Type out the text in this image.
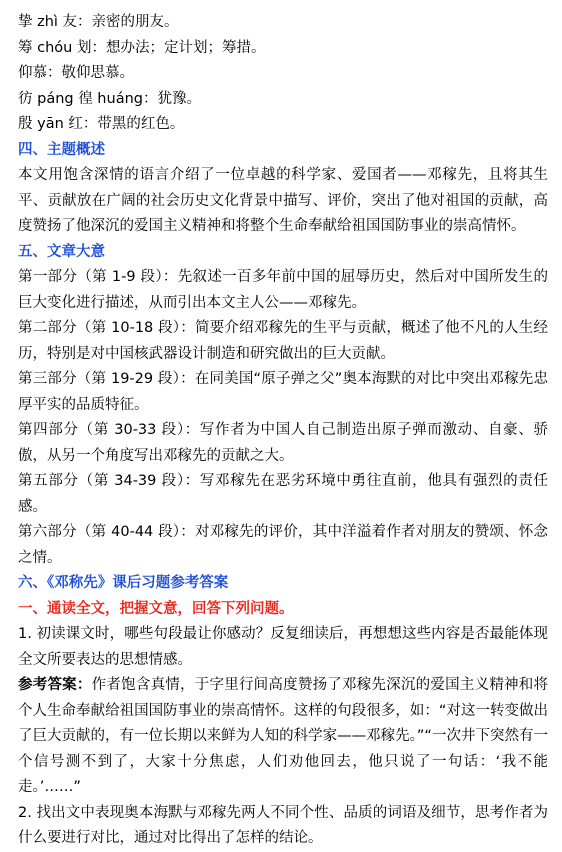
挚 zhì 友：亲密的朋友。
筹 chóu 划：想办法；定计划；筹措。
仰慕：敬仰思慕。
彷 páng 徨 huáng：犹豫。
殷 yān 红：带黑的红色。
四、主题概述
本文用饱含深情的语言介绍了一位卓越的科学家、爱国者——邓稼先，且将其生平、贡献放在广阔的社会历史文化背景中描写、评价，突出了他对祖国的贡献，高度赞扬了他深沉的爱国主义精神和将整个生命奉献给祖国国防事业的崇高情怀。
五、文章大意
第一部分（第 1-9 段）：先叙述一百多年前中国的屈辱历史，然后对中国所发生的巨大变化进行描述，从而引出本文主人公——邓稼先。
第二部分（第 10-18 段）：简要介绍邓稼先的生平与贡献，概述了他不凡的人生经历，特别是对中国核武器设计制造和研究做出的巨大贡献。
第三部分（第 19-29 段）：在同美国“原子弹之父”奥本海默的对比中突出邓稼先忠厚平实的品质特征。
第四部分（第 30-33 段）：写作者为中国人自己制造出原子弹而激动、自豪、骄傲，从另一个角度写出邓稼先的贡献之大。
第五部分（第 34-39 段）：写邓稼先在恶劣环境中勇往直前，他具有强烈的责任感。
第六部分（第 40-44 段）：对邓稼先的评价，其中洋溢着作者对朋友的赞颂、怀念之情。
六、《邓称先》课后习题参考答案
一、通读全文，把握文意，回答下列问题。
1. 初读课文时，哪些句段最让你感动？反复细读后，再想想这些内容是否最能体现全文所要表达的思想情感。
参考答案：作者饱含真情，于字里行间高度赞扬了邓稼先深沉的爱国主义精神和将个人生命奉献给祖国国防事业的崇高情怀。这样的句段很多，如：“对这一转变做出了巨大贡献的，有一位长期以来鲜为人知的科学家——邓稼先。”“一次井下突然有一个信号测不到了，大家十分焦虑，人们劝他回去，他只说了一句话：‘我不能走。’……”
2. 找出文中表现奥本海默与邓稼先两人不同个性、品质的词语及细节，思考作者为什么要进行对比，通过对比得出了怎样的结论。
